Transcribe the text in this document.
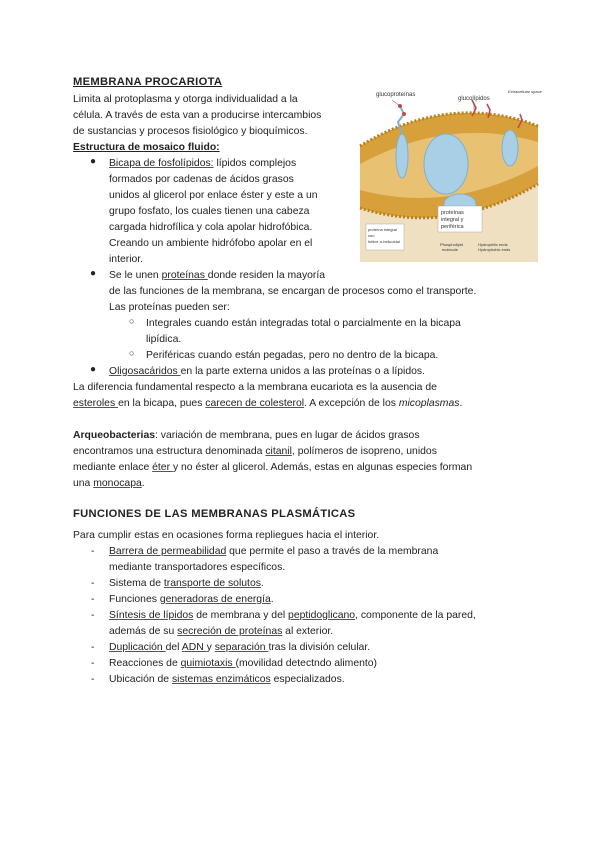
MEMBRANA PROCARIOTA
Limita al protoplasma y otorga individualidad a la
célula. A través de esta van a producirse intercambios
de sustancias y procesos fisiológico y bioquímicos.
Estructura de mosaico fluido:
● Bicapa de fosfolípidos: lípidos complejos
formados por cadenas de ácidos grasos
unidos al glicerol por enlace éster y este a un
grupo fosfato, los cuales tienen una cabeza
cargada hidrofílica y cola apolar hidrofóbica.
Creando un ambiente hidrófobo apolar en el
interior.
● Se le unen proteínas donde residen la mayoría
de las funciones de la membrana, se encargan de procesos como el transporte.
Las proteínas pueden ser:
○ Integrales cuando están integradas total o parcialmente en la bicapa
lipídica.
○ Periféricas cuando están pegadas, pero no dentro de la bicapa.
● Oligosacáridos en la parte externa unidos a las proteínas o a lípidos.
La diferencia fundamental respecto a la membrana eucariota es la ausencia de
esteroles en la bicapa, pues carecen de colesterol. A excepción de los micoplasmas.
Arqueobacterias: variación de membrana, pues en lugar de ácidos grasos
encontramos una estructura denominada citanil, polímeros de isopreno, unidos
mediante enlace éter y no éster al glicerol. Además, estas en algunas especies forman
una monocapa.
FUNCIONES DE LAS MEMBRANAS PLASMÁTICAS
Para cumplir estas en ocasiones forma repliegues hacia el interior.
- Barrera de permeabilidad que permite el paso a través de la membrana
mediante transportadores específicos.
- Sistema de transporte de solutos.
- Funciones generadoras de energía.
- Síntesis de lípidos de membrana y del peptidoglicano, componente de la pared,
además de su secreción de proteínas al exterior.
- Duplicación del ADN y separación tras la división celular.
- Reacciones de quimiotaxis (movilidad detectndo alimento)
- Ubicación de sistemas enzimáticos especializados.
Extracellular space
glucoproteínas
glucolípidos
proteínas
integral y
periférica
proteína integral
con
hélice α-helicoidal
Phospholipid
molecule
Hydrophilic ends
Hydrophobic ends
